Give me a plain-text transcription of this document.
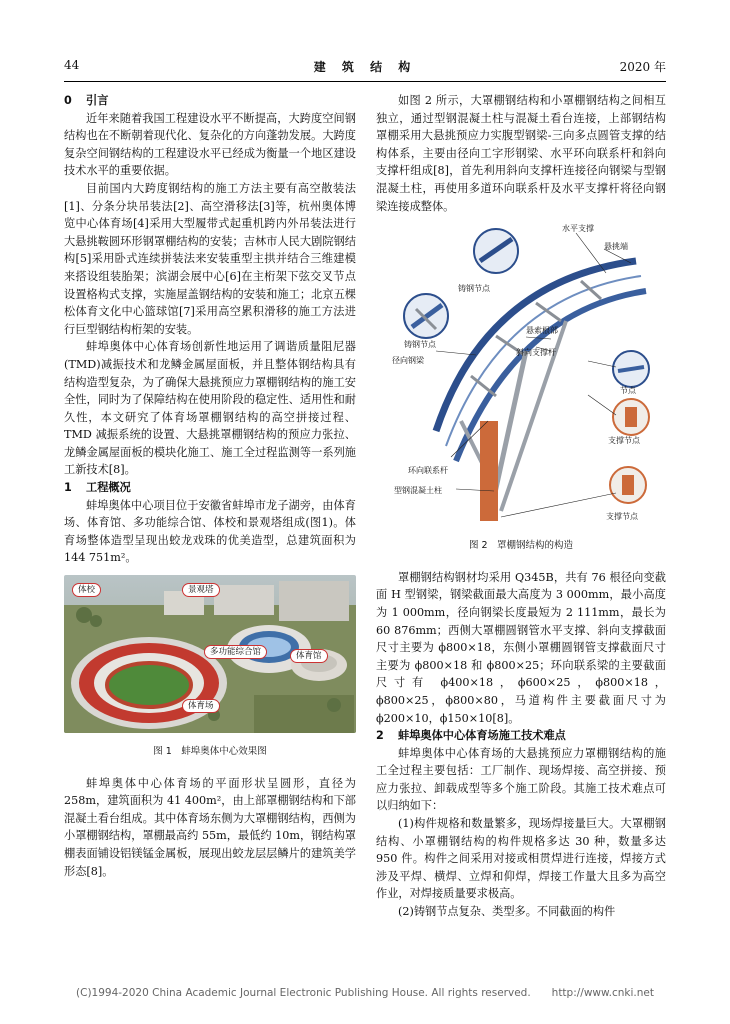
44	建 筑 结 构	2020 年
0 引言

近年来随着我国工程建设水平不断提高，大跨度空间钢结构也在不断朝着现代化、复杂化的方向蓬勃发展。大跨度复杂空间钢结构的工程建设水平已经成为衡量一个地区建设技术水平的重要依据。

目前国内大跨度钢结构的施工方法主要有高空散装法[1]、分条分块吊装法[2]、高空滑移法[3]等，杭州奥体博览中心体育场[4]采用大型履带式起重机跨内外吊装法进行大悬挑鞍圆环形钢罩棚结构的安装；吉林市人民大剧院钢结构[5]采用卧式连续拼装法来安装重型主拱并结合三维建模来搭设组装胎架；滨湖会展中心[6]在主桁架下弦交叉节点设置格构式支撑，实施屋盖钢结构的安装和施工；北京五棵松体育文化中心篮球馆[7]采用高空累积滑移的施工方法进行巨型钢结构桁架的安装。

蚌埠奥体中心体育场创新性地运用了调谐质量阻尼器(TMD)减振技术和龙鳞金属屋面板，并且整体钢结构具有结构造型复杂，为了确保大悬挑预应力罩棚钢结构的施工安全性，同时为了保障结构在使用阶段的稳定性、适用性和耐久性，本文研究了体育场罩棚钢结构的高空拼接过程、TMD 减振系统的设置、大悬挑罩棚钢结构的预应力张拉、龙鳞金属屋面板的模块化施工、施工全过程监测等一系列施工新技术[8]。

1 工程概况

蚌埠奥体中心项目位于安徽省蚌埠市龙子湖旁，由体育场、体育馆、多功能综合馆、体校和景观塔组成(图1)。体育场整体造型呈现出蛟龙戏珠的优美造型，总建筑面积为 144 751m²。

体校	景观塔
多功能综合馆	体育馆
体育场
图 1　蚌埠奥体中心效果图

蚌埠奥体中心体育场的平面形状呈圆形，直径为 258m，建筑面积为 41 400m²，由上部罩棚钢结构和下部混凝土看台组成。其中体育场东侧为大罩棚钢结构，西侧为小罩棚钢结构，罩棚最高约 55m，最低约 10m，钢结构罩棚表面铺设铝镁锰金属板，展现出蛟龙层层鳞片的建筑美学形态[8]。

如图 2 所示，大罩棚钢结构和小罩棚钢结构之间相互独立，通过型钢混凝土柱与混凝土看台连接，上部钢结构罩棚采用大悬挑预应力实腹型钢梁-三向多点圆管支撑的结构体系，主要由径向工字形钢梁、水平环向联系杆和斜向支撑杆组成[8]，首先利用斜向支撑杆连接径向钢梁与型钢混凝土柱，再使用多道环向联系杆及水平支撑杆将径向钢梁连接成整体。

水平支撑
悬挑端
铸钢节点
铸钢节点
悬索根部
斜向支撑杆
径向钢梁
节点
支撑节点
环向联系杆
型钢混凝土柱
支撑节点
图 2　罩棚钢结构的构造

罩棚钢结构钢材均采用 Q345B，共有 76 根径向变截面 H 型钢梁，钢梁截面最大高度为 3 000mm，最小高度为 1 000mm，径向钢梁长度最短为 2 111mm，最长为 60 876mm；西侧大罩棚圆钢管水平支撑、斜向支撑截面尺寸主要为 ϕ800×18，东侧小罩棚圆钢管支撑截面尺寸主要为 ϕ800×18 和 ϕ800×25；环向联系梁的主要截面尺寸有 ϕ400×18，ϕ600×25，ϕ800×18，ϕ800×25，ϕ800×80，马道构件主要截面尺寸为 ϕ200×10，ϕ150×10[8]。

2 蚌埠奥体中心体育场施工技术难点

蚌埠奥体中心体育场的大悬挑预应力罩棚钢结构的施工全过程主要包括：工厂制作、现场焊接、高空拼接、预应力张拉、卸载成型等多个施工阶段。其施工技术难点可以归纳如下：

(1)构件规格和数量繁多，现场焊接量巨大。大罩棚钢结构、小罩棚钢结构的构件规格多达 30 种，数量多达 950 件。构件之间采用对接或相贯焊进行连接，焊接方式涉及平焊、横焊、立焊和仰焊，焊接工作量大且多为高空作业，对焊接质量要求极高。

(2)铸钢节点复杂、类型多。不同截面的构件

(C)1994-2020 China Academic Journal Electronic Publishing House. All rights reserved.　　http://www.cnki.net
